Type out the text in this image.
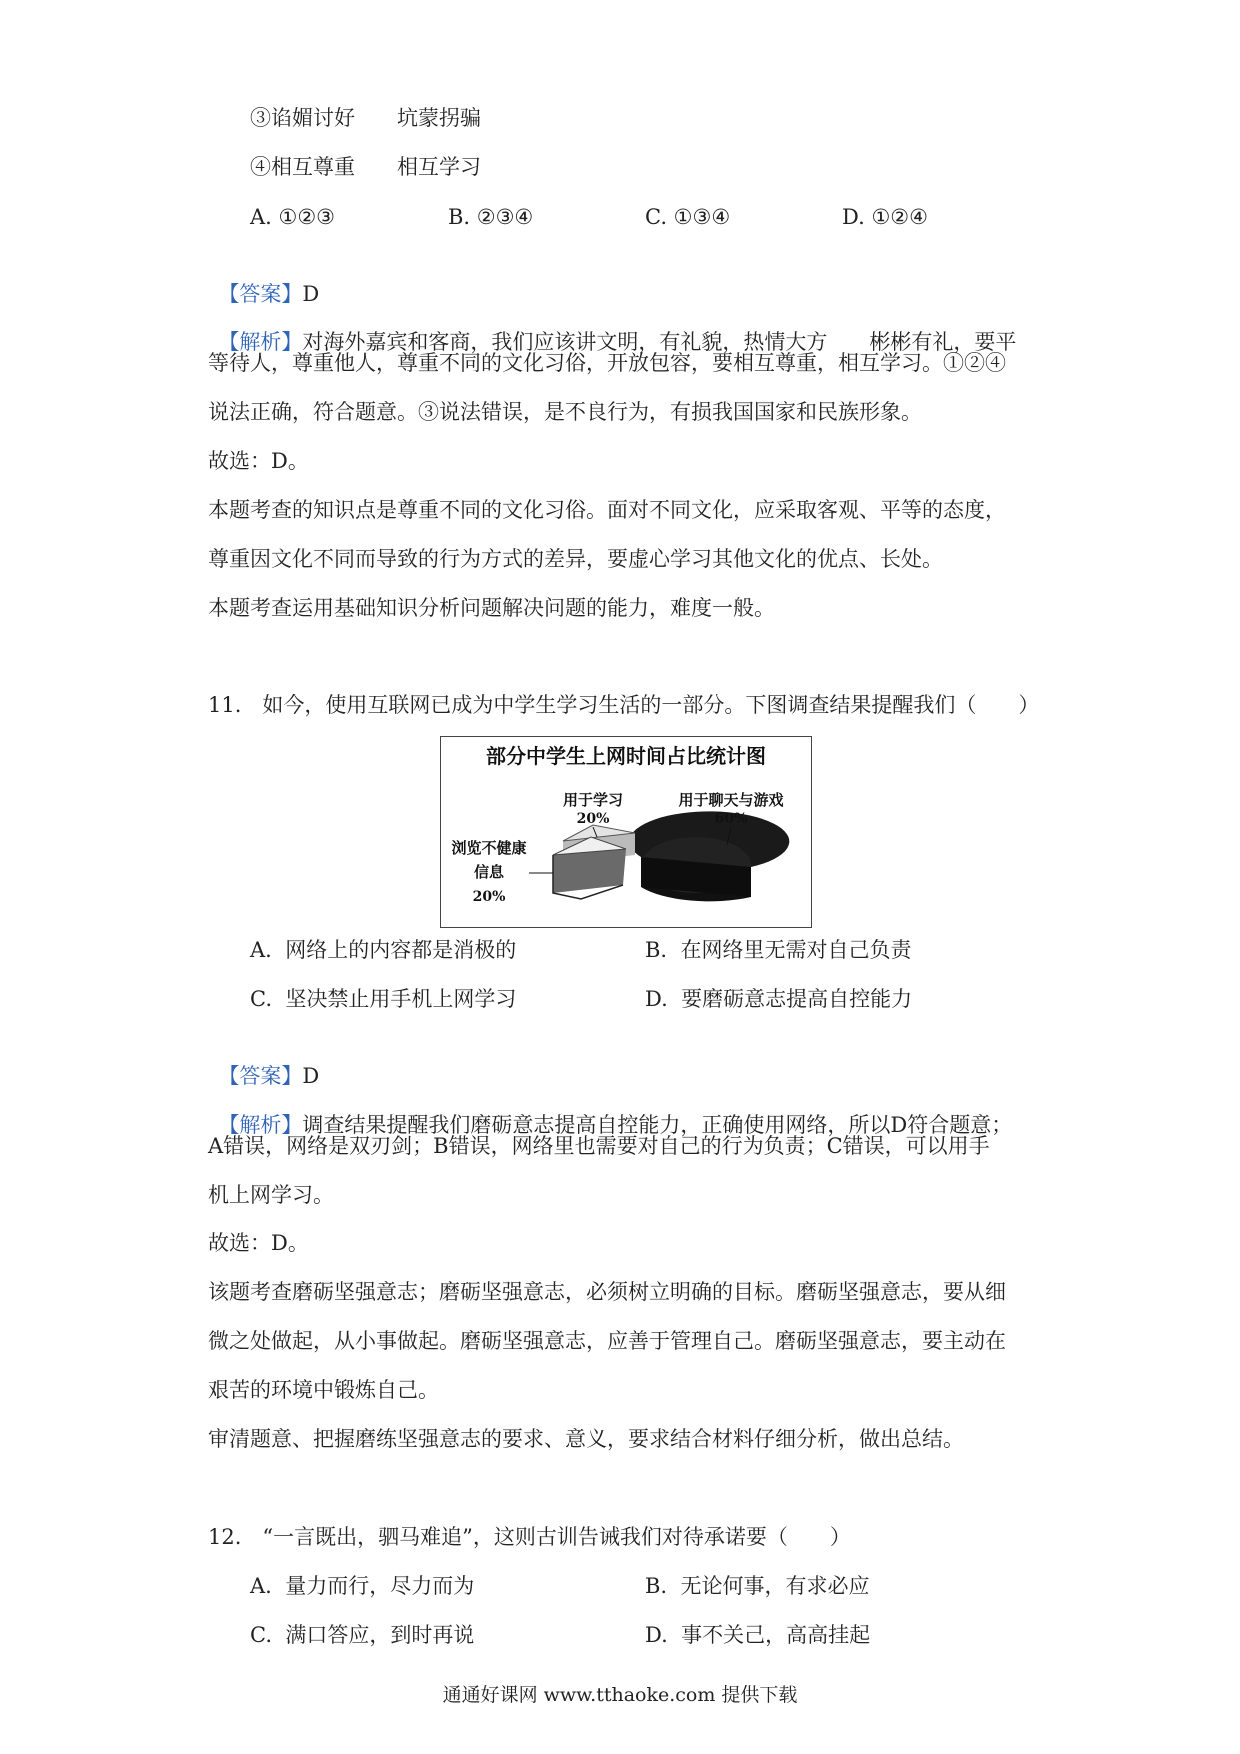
③谄媚讨好　　坑蒙拐骗
④相互尊重　　相互学习
A. ①②③	B. ②③④	C. ①③④	D. ①②④

【答案】D

【解析】对海外嘉宾和客商，我们应该讲文明，有礼貌，热情大方　　彬彬有礼，要平

等待人，尊重他人，尊重不同的文化习俗，开放包容，要相互尊重，相互学习。①②④
说法正确，符合题意。③说法错误，是不良行为，有损我国国家和民族形象。
故选：D。
本题考查的知识点是尊重不同的文化习俗。面对不同文化，应采取客观、平等的态度，
尊重因文化不同而导致的行为方式的差异，要虚心学习其他文化的优点、长处。
本题考查运用基础知识分析问题解决问题的能力，难度一般。
11.　如今，使用互联网已成为中学生学习生活的一部分。下图调查结果提醒我们（　　）
部分中学生上网时间占比统计图
用于学习
20%
用于聊天与游戏
60%
浏览不健康
信息
20%
A.  网络上的内容都是消极的	B.  在网络里无需对自己负责
C.  坚决禁止用手机上网学习	D.  要磨砺意志提高自控能力

【答案】D

【解析】调查结果提醒我们磨砺意志提高自控能力，正确使用网络，所以D符合题意；

A错误，网络是双刃剑；B错误，网络里也需要对自己的行为负责；C错误，可以用手
机上网学习。
故选：D。
该题考查磨砺坚强意志；磨砺坚强意志，必须树立明确的目标。磨砺坚强意志，要从细
微之处做起，从小事做起。磨砺坚强意志，应善于管理自己。磨砺坚强意志，要主动在
艰苦的环境中锻炼自己。
审清题意、把握磨练坚强意志的要求、意义，要求结合材料仔细分析，做出总结。
12.　“一言既出，驷马难追”，这则古训告诫我们对待承诺要（　　）
A.  量力而行，尽力而为	B.  无论何事，有求必应
C.  满口答应，到时再说	D.  事不关己，高高挂起
通通好课网 www.tthaoke.com 提供下载
